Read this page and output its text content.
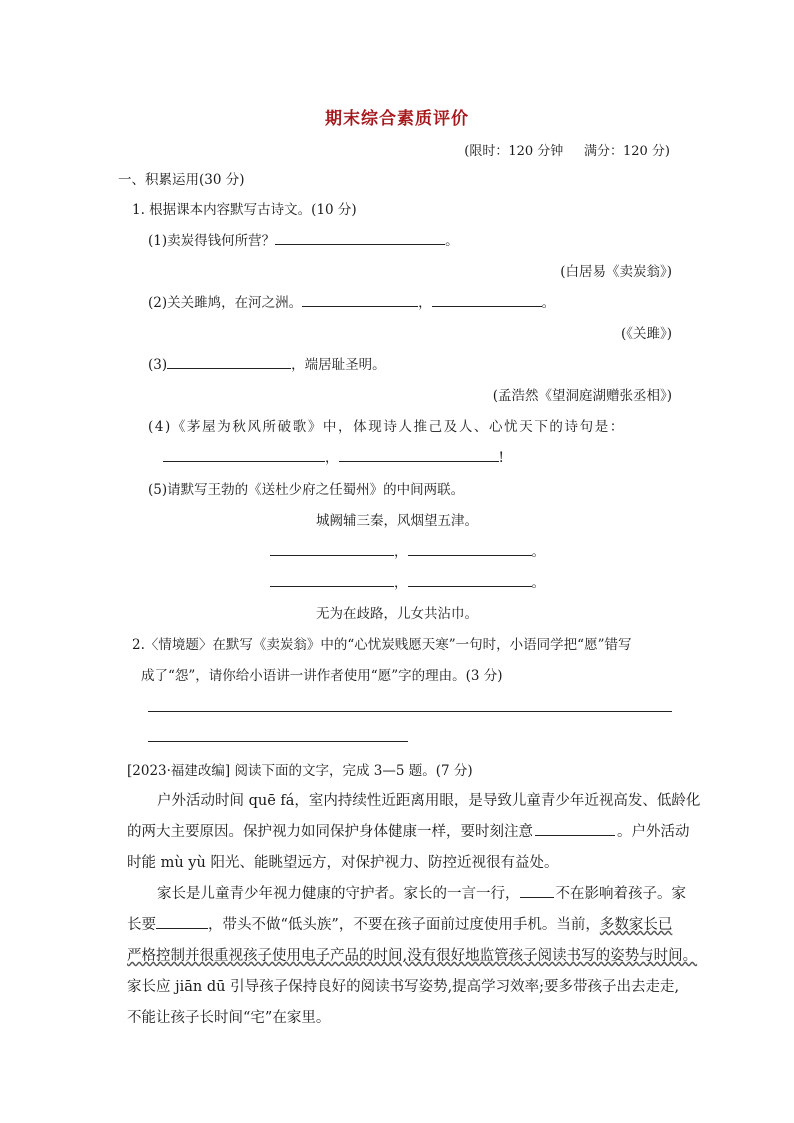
期末综合素质评价
(限时：120 分钟 满分：120 分)
一、积累运用(30 分)
1. 根据课本内容默写古诗文。(10 分)
(1)卖炭得钱何所营？	。
(白居易《卖炭翁》)
(2)关关雎鸠，在河之洲。	，	。
(《关雎》)
(3)	，端居耻圣明。
(孟浩然《望洞庭湖赠张丞相》)
(4)《茅屋为秋风所破歌》中，体现诗人推己及人、心忧天下的诗句是：
，	!
(5)请默写王勃的《送杜少府之任蜀州》的中间两联。
城阙辅三秦，风烟望五津。
，	。
，	。
无为在歧路，儿女共沾巾。
2.〈情境题〉在默写《卖炭翁》中的“心忧炭贱愿天寒”一句时，小语同学把“愿”错写
成了“怨”，请你给小语讲一讲作者使用“愿”字的理由。(3 分)
[2023·福建改编] 阅读下面的文字，完成 3—5 题。(7 分)
户外活动时间 quē fá，室内持续性近距离用眼，是导致儿童青少年近视高发、低龄化
的两大主要原因。保护视力如同保护身体健康一样，要时刻注意	。户外活动
时能 mù yù 阳光、能眺望远方，对保护视力、防控近视很有益处。
家长是儿童青少年视力健康的守护者。家长的一言一行， 不在影响着孩子。家
长要	，带头不做“低头族”，不要在孩子面前过度使用手机。当前，多数家长已
严格控制并很重视孩子使用电子产品的时间,没有很好地监管孩子阅读书写的姿势与时间。
家长应 jiān dū 引导孩子保持良好的阅读书写姿势,提高学习效率;要多带孩子出去走走,
不能让孩子长时间“宅”在家里。
